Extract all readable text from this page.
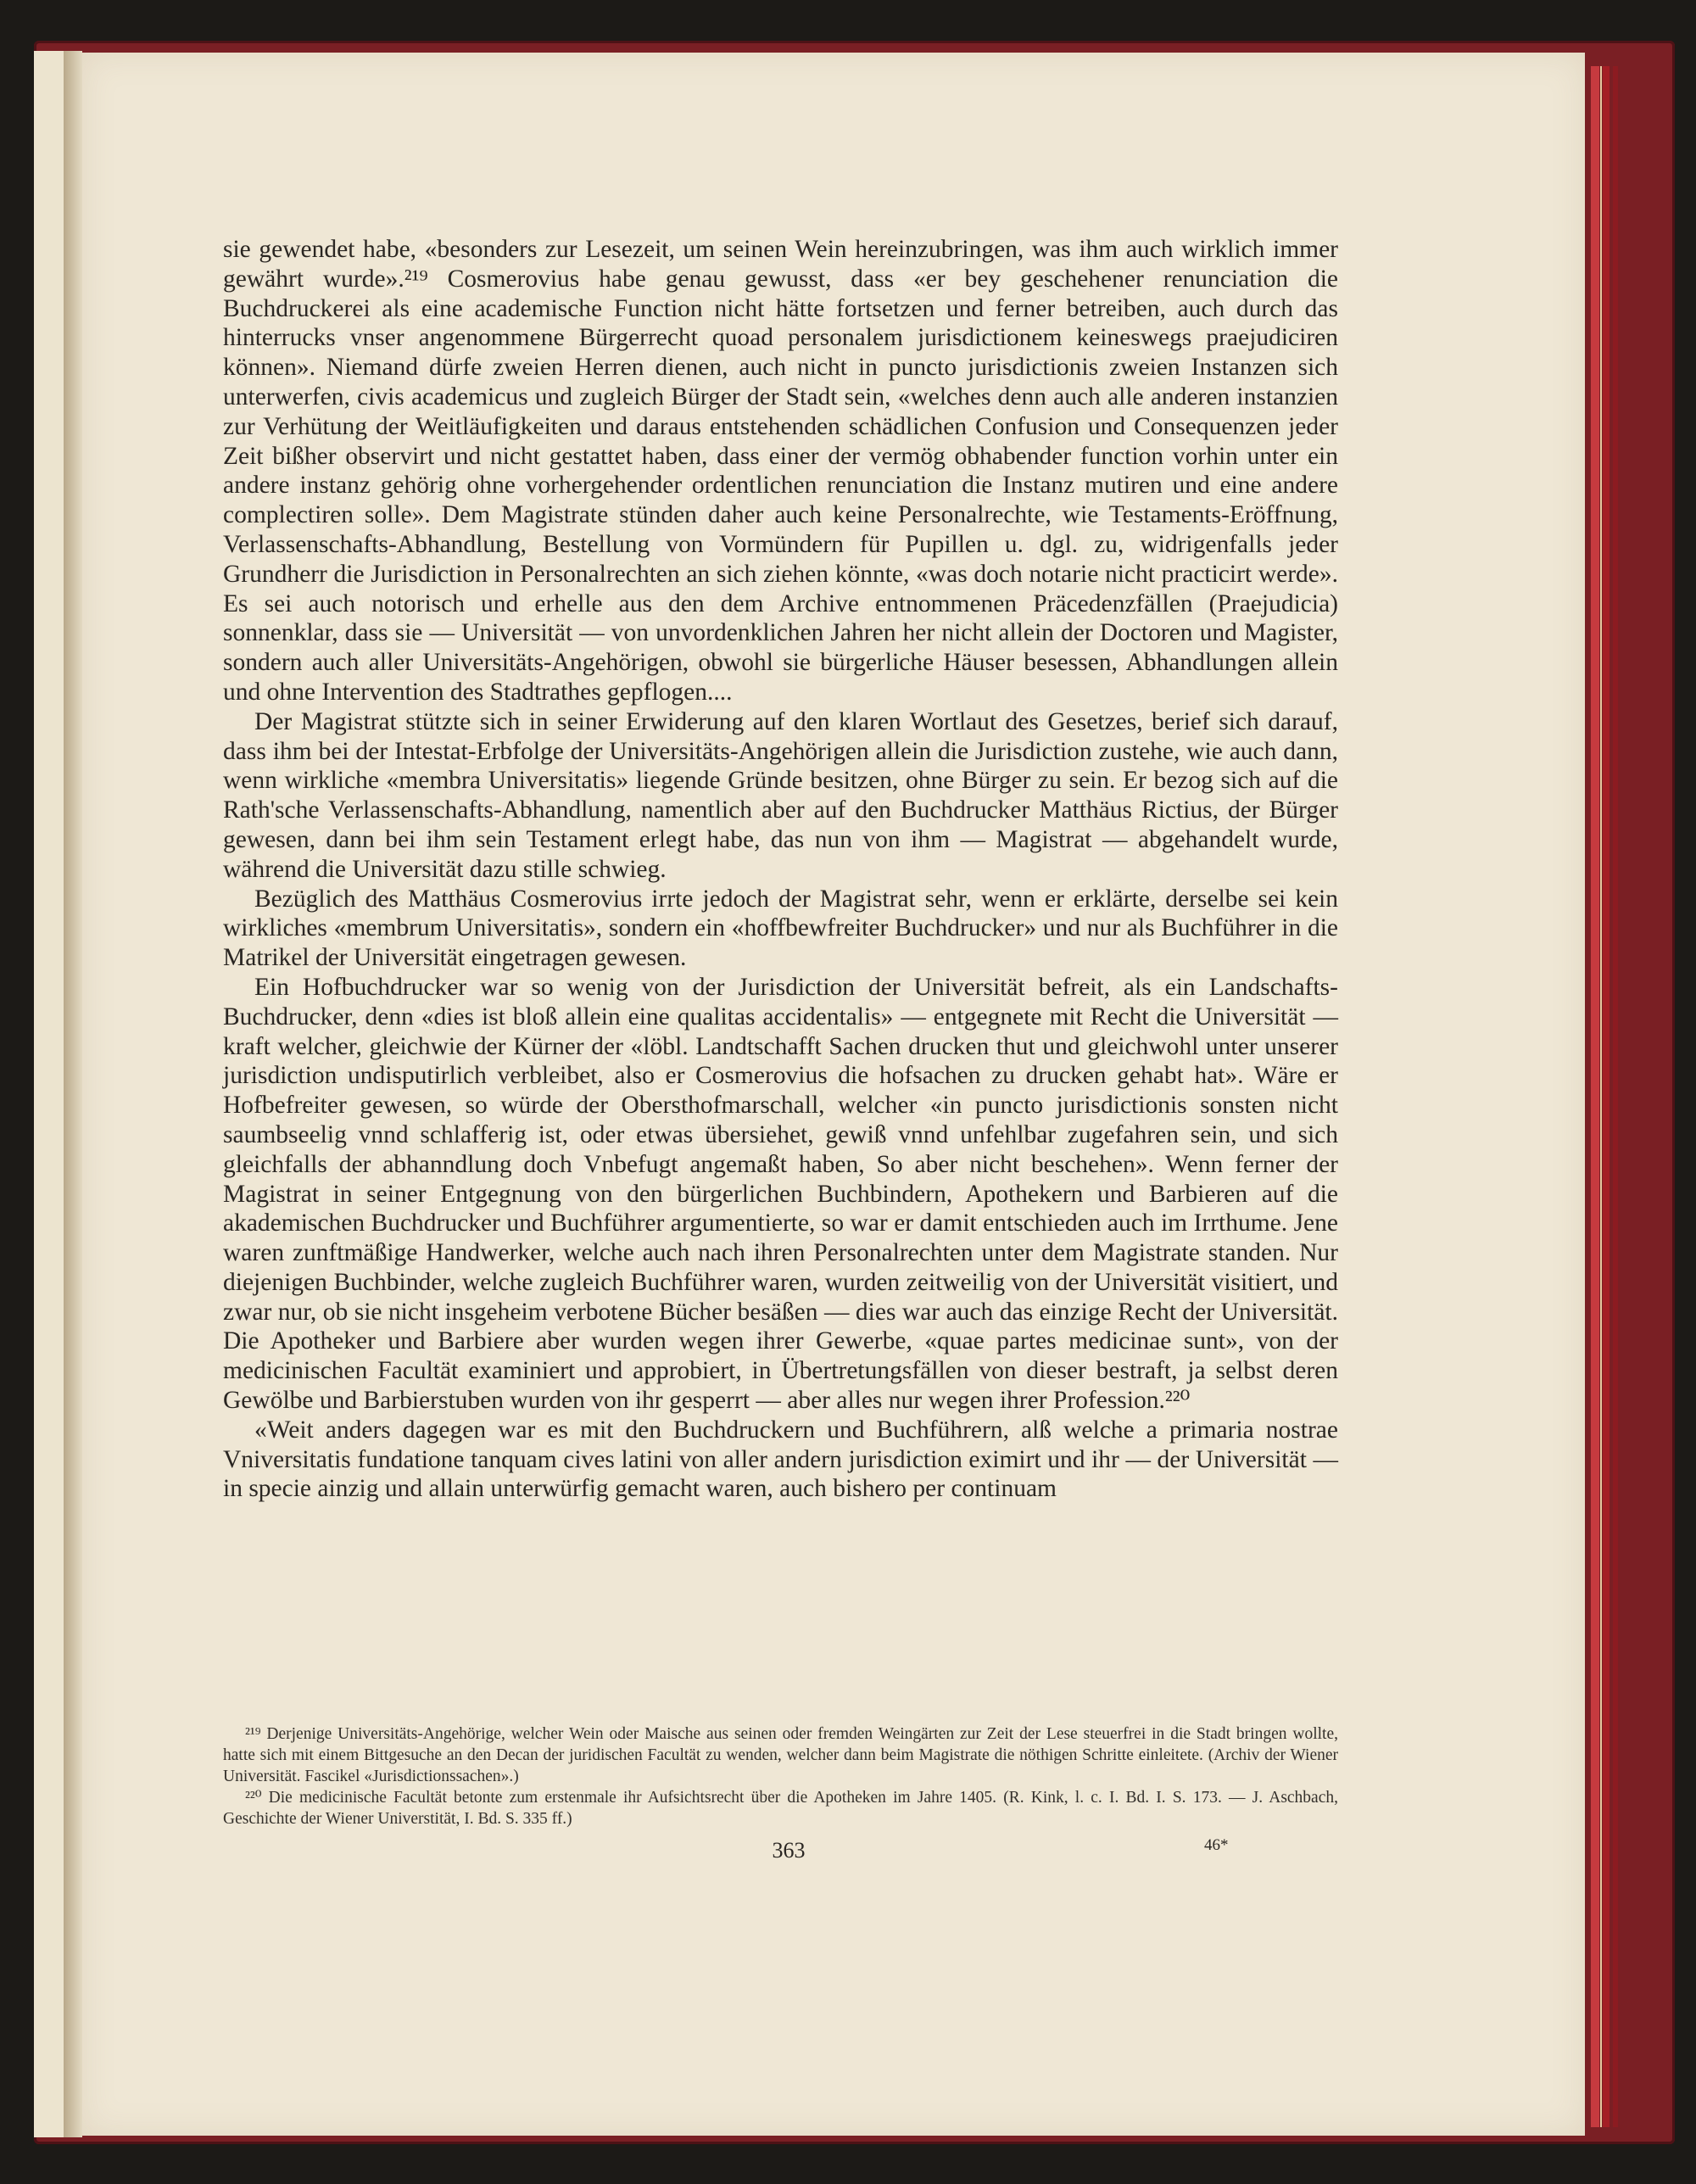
sie gewendet habe, «besonders zur Lesezeit, um seinen Wein hereinzubringen, was ihm auch wirklich immer gewährt wurde».²¹⁹ Cosmerovius habe genau gewusst, dass «er bey geschehener renunciation die Buchdruckerei als eine academische Function nicht hätte fortsetzen und ferner betreiben, auch durch das hinterrucks vnser angenommene Bürgerrecht quoad personalem jurisdictionem keineswegs praejudiciren können». Niemand dürfe zweien Herren dienen, auch nicht in puncto jurisdictionis zweien Instanzen sich unterwerfen, civis academicus und zugleich Bürger der Stadt sein, «welches denn auch alle anderen instanzien zur Verhütung der Weitläufigkeiten und daraus entstehenden schädlichen Confusion und Consequenzen jeder Zeit bißher observirt und nicht gestattet haben, dass einer der vermög obhabender function vorhin unter ein andere instanz gehörig ohne vorhergehender ordentlichen renunciation die Instanz mutiren und eine andere complectiren solle». Dem Magistrate stünden daher auch keine Personalrechte, wie Testaments-Eröffnung, Verlassenschafts-Abhandlung, Bestellung von Vormündern für Pupillen u. dgl. zu, widrigenfalls jeder Grundherr die Jurisdiction in Personalrechten an sich ziehen könnte, «was doch notarie nicht practicirt werde». Es sei auch notorisch und erhelle aus den dem Archive entnommenen Präcedenzfällen (Praejudicia) sonnenklar, dass sie — Universität — von unvordenklichen Jahren her nicht allein der Doctoren und Magister, sondern auch aller Universitäts-Angehörigen, obwohl sie bürgerliche Häuser besessen, Abhandlungen allein und ohne Intervention des Stadtrathes gepflogen....

Der Magistrat stützte sich in seiner Erwiderung auf den klaren Wortlaut des Gesetzes, berief sich darauf, dass ihm bei der Intestat-Erbfolge der Universitäts-Angehörigen allein die Jurisdiction zustehe, wie auch dann, wenn wirkliche «membra Universitatis» liegende Gründe besitzen, ohne Bürger zu sein. Er bezog sich auf die Rath'sche Verlassenschafts-Abhandlung, namentlich aber auf den Buchdrucker Matthäus Rictius, der Bürger gewesen, dann bei ihm sein Testament erlegt habe, das nun von ihm — Magistrat — abgehandelt wurde, während die Universität dazu stille schwieg.

Bezüglich des Matthäus Cosmerovius irrte jedoch der Magistrat sehr, wenn er erklärte, derselbe sei kein wirkliches «membrum Universitatis», sondern ein «hoffbewfreiter Buchdrucker» und nur als Buchführer in die Matrikel der Universität eingetragen gewesen.

Ein Hofbuchdrucker war so wenig von der Jurisdiction der Universität befreit, als ein Landschafts-Buchdrucker, denn «dies ist bloß allein eine qualitas accidentalis» — entgegnete mit Recht die Universität — kraft welcher, gleichwie der Kürner der «löbl. Landtschafft Sachen drucken thut und gleichwohl unter unserer jurisdiction undisputirlich verbleibet, also er Cosmerovius die hofsachen zu drucken gehabt hat». Wäre er Hofbefreiter gewesen, so würde der Obersthofmarschall, welcher «in puncto jurisdictionis sonsten nicht saumbseelig vnnd schlafferig ist, oder etwas übersiehet, gewiß vnnd unfehlbar zugefahren sein, und sich gleichfalls der abhanndlung doch Vnbefugt angemaßt haben, So aber nicht beschehen». Wenn ferner der Magistrat in seiner Entgegnung von den bürgerlichen Buchbindern, Apothekern und Barbieren auf die akademischen Buchdrucker und Buchführer argumentierte, so war er damit entschieden auch im Irrthume. Jene waren zunftmäßige Handwerker, welche auch nach ihren Personalrechten unter dem Magistrate standen. Nur diejenigen Buchbinder, welche zugleich Buchführer waren, wurden zeitweilig von der Universität visitiert, und zwar nur, ob sie nicht insgeheim verbotene Bücher besäßen — dies war auch das einzige Recht der Universität. Die Apotheker und Barbiere aber wurden wegen ihrer Gewerbe, «quae partes medicinae sunt», von der medicinischen Facultät examiniert und approbiert, in Übertretungsfällen von dieser bestraft, ja selbst deren Gewölbe und Barbierstuben wurden von ihr gesperrt — aber alles nur wegen ihrer Profession.²²⁰

«Weit anders dagegen war es mit den Buchdruckern und Buchführern, alß welche a primaria nostrae Vniversitatis fundatione tanquam cives latini von aller andern jurisdiction eximirt und ihr — der Universität — in specie ainzig und allain unterwürfig gemacht waren, auch bishero per continuam

²¹⁹ Derjenige Universitäts-Angehörige, welcher Wein oder Maische aus seinen oder fremden Weingärten zur Zeit der Lese steuerfrei in die Stadt bringen wollte, hatte sich mit einem Bittgesuche an den Decan der juridischen Facultät zu wenden, welcher dann beim Magistrate die nöthigen Schritte einleitete. (Archiv der Wiener Universität. Fascikel «Jurisdictionssachen».)

²²⁰ Die medicinische Facultät betonte zum erstenmale ihr Aufsichtsrecht über die Apotheken im Jahre 1405. (R. Kink, l. c. I. Bd. I. S. 173. — J. Aschbach, Geschichte der Wiener Universtität, I. Bd. S. 335 ff.)

363	46*
